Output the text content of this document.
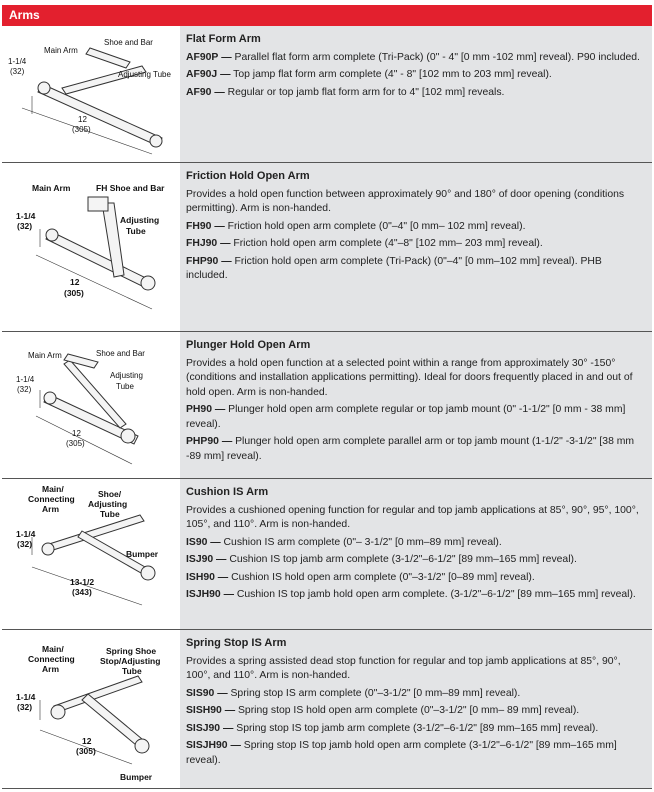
Arms
Main Arm
Shoe and Bar
Adjusting Tube
1-1/4
(32)
12
(305)
Flat Form Arm
AF90P — Parallel flat form arm complete (Tri-Pack) (0" - 4" [0 mm -102 mm] reveal). P90 included.
AF90J — Top jamp flat form arm complete (4" - 8" [102 mm to 203 mm] reveal).
AF90 — Regular or top jamb flat form arm for to 4" [102 mm] reveals.
Main Arm	FH Shoe and Bar
Adjusting
Tube
1-1/4
(32)
12
(305)
Friction Hold Open Arm
Provides a hold open function between approximately 90° and 180° of door opening (conditions permitting). Arm is non-handed.
FH90 — Friction hold open arm complete (0"–4" [0 mm– 102 mm] reveal).
FHJ90 — Friction hold open arm complete (4"–8" [102 mm– 203 mm] reveal).
FHP90 — Friction hold open arm complete (Tri-Pack) (0"–4" [0 mm–102 mm] reveal). PHB included.
Main Arm	Shoe and Bar
Adjusting
Tube
1-1/4
(32)
12
(305)
Plunger Hold Open Arm
Provides a hold open function at a selected point within a range from approximately 30° -150° (conditions and installation applications permitting). Ideal for doors frequently placed in and out of hold open. Arm is non-handed.
PH90 — Plunger hold open arm complete regular or top jamb mount (0" -1-1/2" [0 mm - 38 mm] reveal).
PHP90 — Plunger hold open arm complete parallel arm or top jamb mount (1-1/2" -3-1/2" [38 mm -89 mm] reveal).
Main/
Connecting
Arm
Shoe/
Adjusting
Tube
Bumper
1-1/4
(32)
13-1/2
(343)
Cushion IS Arm
Provides a cushioned opening function for regular and top jamb applications at 85°, 90°, 95°, 100°, 105°, and 110°. Arm is non-handed.
IS90 — Cushion IS arm complete (0"– 3-1/2" [0 mm–89 mm] reveal).
ISJ90 — Cushion IS top jamb arm complete (3-1/2"–6-1/2" [89 mm–165 mm] reveal).
ISH90 — Cushion IS hold open arm complete (0"–3-1/2" [0–89 mm] reveal).
ISJH90 — Cushion IS top jamb hold open arm complete. (3-1/2"–6-1/2" [89 mm–165 mm] reveal).
Main/
Connecting
Arm
Spring Shoe
Stop/Adjusting
Tube
1-1/4
(32)
12
(305)
Bumper
Spring Stop IS Arm
Provides a spring assisted dead stop function for regular and top jamb applications at 85°, 90°, 100°, and 110°. Arm is non-handed.
SIS90 — Spring stop IS arm complete (0"–3-1/2" [0 mm–89 mm] reveal).
SISH90 — Spring stop IS hold open arm complete (0"–3-1/2" [0 mm– 89 mm] reveal).
SISJ90 — Spring stop IS top jamb arm complete (3-1/2"–6-1/2" [89 mm–165 mm] reveal).
SISJH90 — Spring stop IS top jamb hold open arm complete (3-1/2"–6-1/2" [89 mm–165 mm] reveal).
